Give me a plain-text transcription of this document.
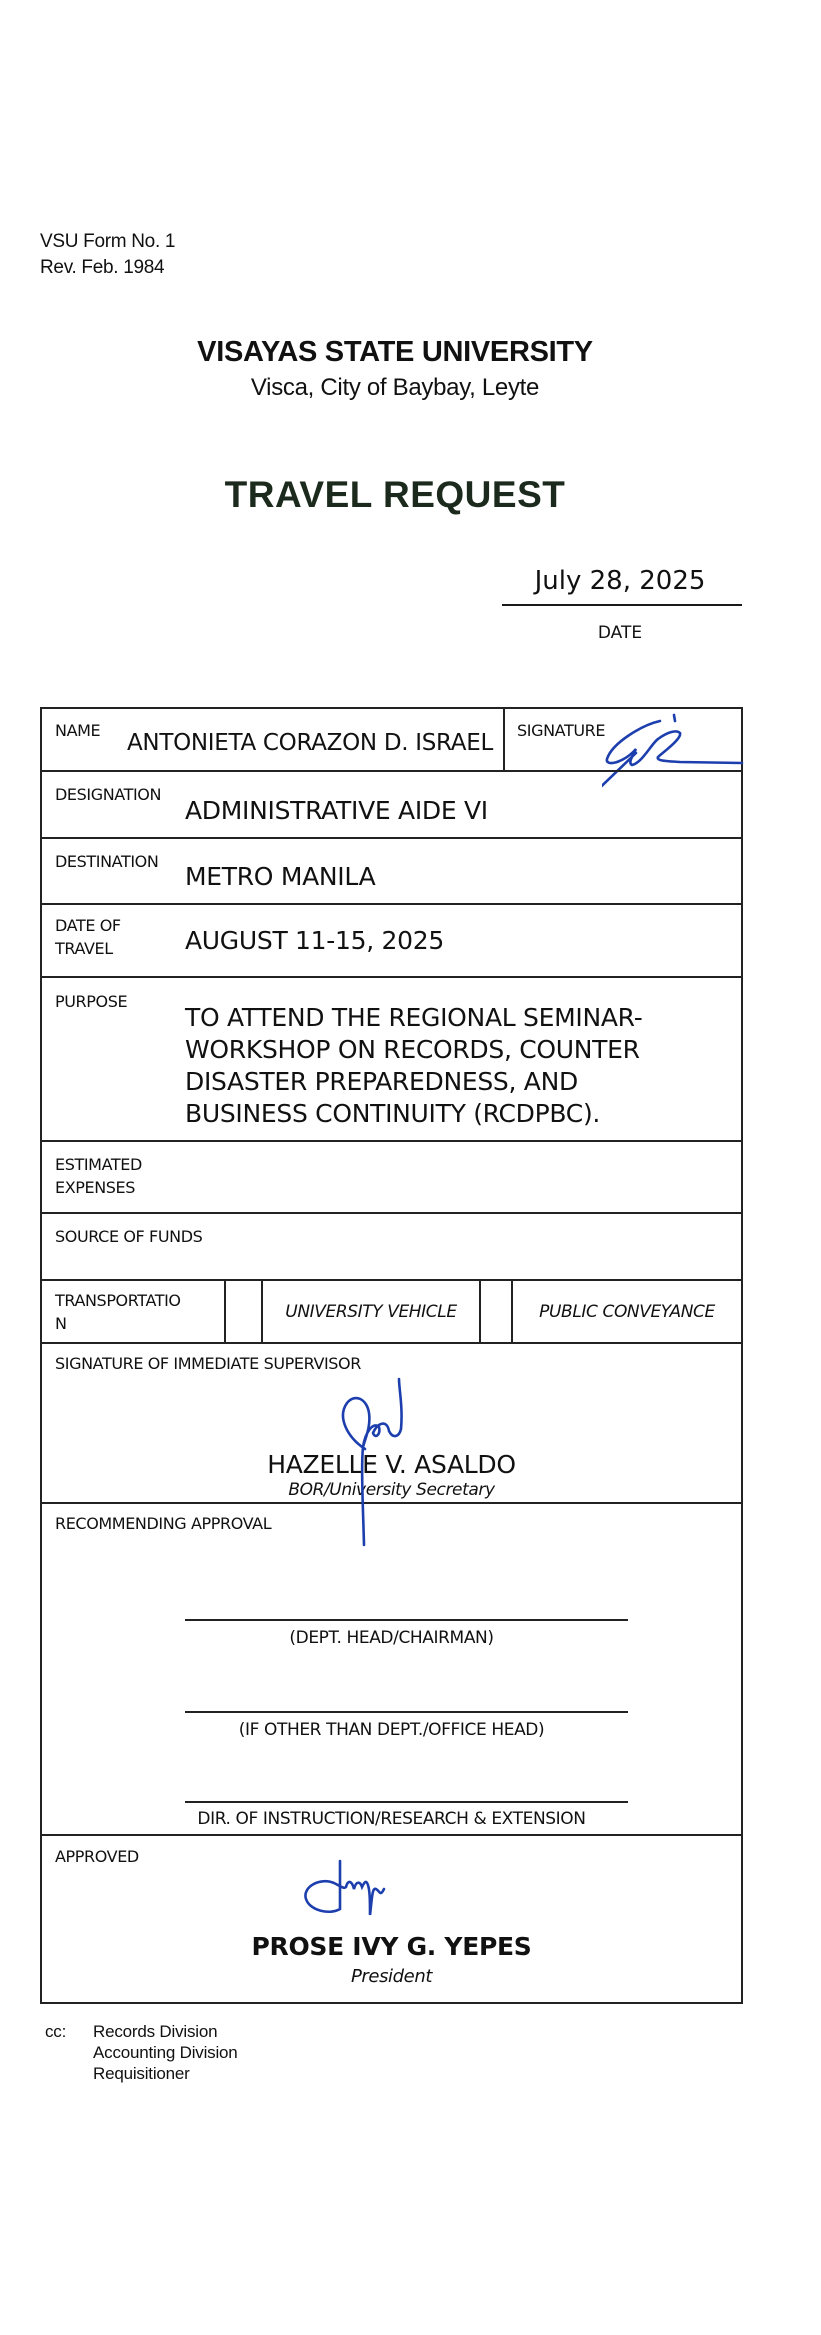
VSU Form No. 1
Rev. Feb. 1984
VISAYAS STATE UNIVERSITY
Visca, City of Baybay, Leyte
TRAVEL REQUEST
July 28, 2025
DATE
NAME ANTONIETA CORAZON D. ISRAEL SIGNATURE
DESIGNATION
ADMINISTRATIVE AIDE VI
DESTINATION
METRO MANILA
DATE OF
TRAVEL	AUGUST 11-15, 2025
PURPOSE
TO ATTEND THE REGIONAL SEMINAR-
WORKSHOP ON RECORDS, COUNTER
DISASTER PREPAREDNESS, AND
BUSINESS CONTINUITY (RCDPBC).
ESTIMATED
EXPENSES
SOURCE OF FUNDS
TRANSPORTATIO
N
UNIVERSITY VEHICLE	PUBLIC CONVEYANCE
SIGNATURE OF IMMEDIATE SUPERVISOR
HAZELLE V. ASALDO
BOR/University Secretary
RECOMMENDING APPROVAL
(DEPT. HEAD/CHAIRMAN)
(IF OTHER THAN DEPT./OFFICE HEAD)
DIR. OF INSTRUCTION/RESEARCH & EXTENSION
APPROVED
PROSE IVY G. YEPES
President
cc: Records Division
Accounting Division
Requisitioner
